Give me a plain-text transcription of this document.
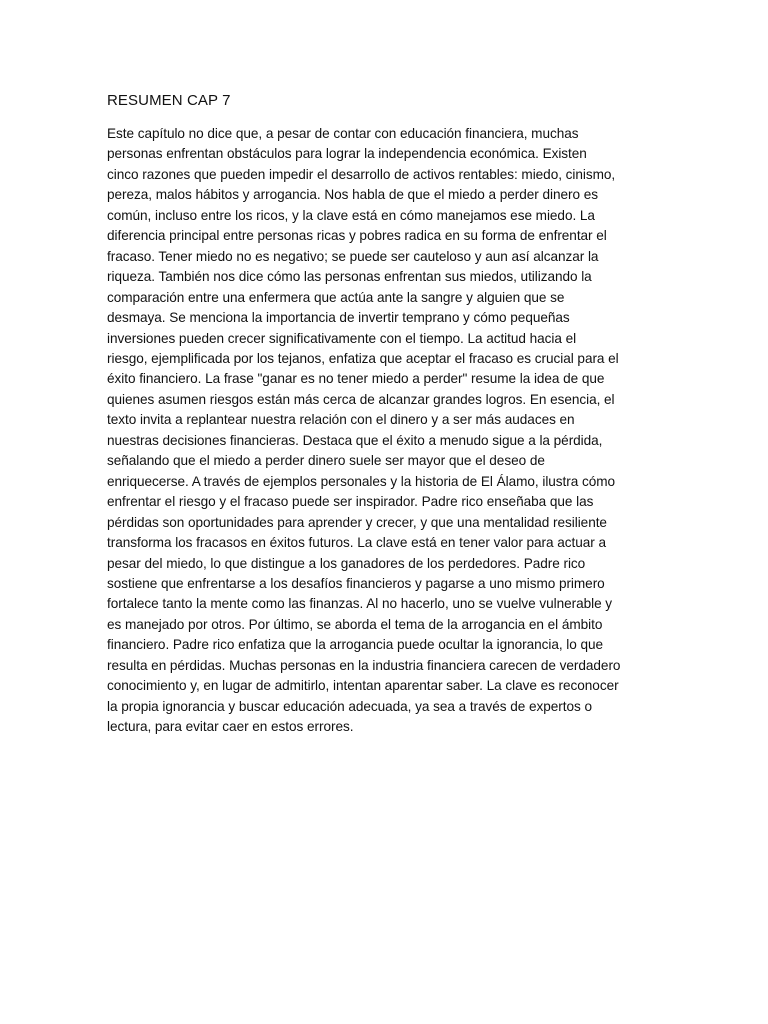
RESUMEN CAP 7
Este capítulo no dice que, a pesar de contar con educación financiera, muchas
personas enfrentan obstáculos para lograr la independencia económica. Existen
cinco razones que pueden impedir el desarrollo de activos rentables: miedo, cinismo,
pereza, malos hábitos y arrogancia. Nos habla de que el miedo a perder dinero es
común, incluso entre los ricos, y la clave está en cómo manejamos ese miedo. La
diferencia principal entre personas ricas y pobres radica en su forma de enfrentar el
fracaso. Tener miedo no es negativo; se puede ser cauteloso y aun así alcanzar la
riqueza. También nos dice cómo las personas enfrentan sus miedos, utilizando la
comparación entre una enfermera que actúa ante la sangre y alguien que se
desmaya. Se menciona la importancia de invertir temprano y cómo pequeñas
inversiones pueden crecer significativamente con el tiempo. La actitud hacia el
riesgo, ejemplificada por los tejanos, enfatiza que aceptar el fracaso es crucial para el
éxito financiero. La frase "ganar es no tener miedo a perder" resume la idea de que
quienes asumen riesgos están más cerca de alcanzar grandes logros. En esencia, el
texto invita a replantear nuestra relación con el dinero y a ser más audaces en
nuestras decisiones financieras. Destaca que el éxito a menudo sigue a la pérdida,
señalando que el miedo a perder dinero suele ser mayor que el deseo de
enriquecerse. A través de ejemplos personales y la historia de El Álamo, ilustra cómo
enfrentar el riesgo y el fracaso puede ser inspirador. Padre rico enseñaba que las
pérdidas son oportunidades para aprender y crecer, y que una mentalidad resiliente
transforma los fracasos en éxitos futuros. La clave está en tener valor para actuar a
pesar del miedo, lo que distingue a los ganadores de los perdedores. Padre rico
sostiene que enfrentarse a los desafíos financieros y pagarse a uno mismo primero
fortalece tanto la mente como las finanzas. Al no hacerlo, uno se vuelve vulnerable y
es manejado por otros. Por último, se aborda el tema de la arrogancia en el ámbito
financiero. Padre rico enfatiza que la arrogancia puede ocultar la ignorancia, lo que
resulta en pérdidas. Muchas personas en la industria financiera carecen de verdadero
conocimiento y, en lugar de admitirlo, intentan aparentar saber. La clave es reconocer
la propia ignorancia y buscar educación adecuada, ya sea a través de expertos o
lectura, para evitar caer en estos errores.
